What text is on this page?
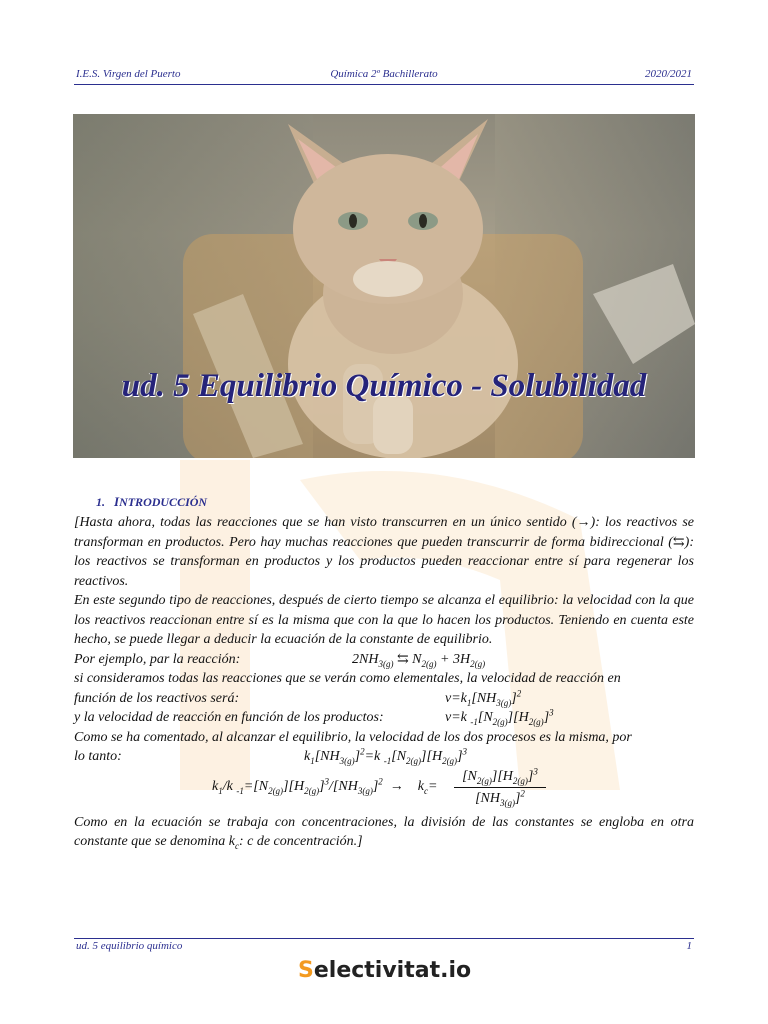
I.E.S. Virgen del Puerto	Química 2º Bachillerato	2020/2021
ud. 5 Equilibrio Químico - Solubilidad
1. INTRODUCCIÓN

[Hasta ahora, todas las reacciones que se han visto transcurren en un único sentido (→): los reactivos se transforman en productos. Pero hay muchas reacciones que pueden transcurrir de forma bidireccional (⇆): los reactivos se transforman en productos y los productos pueden reaccionar entre sí para regenerar los reactivos.

En este segundo tipo de reacciones, después de cierto tiempo se alcanza el equilibrio: la velocidad con la que los reactivos reaccionan entre sí es la misma que con la que lo hacen los productos. Teniendo en cuenta este hecho, se puede llegar a deducir la ecuación de la constante de equilibrio.

Por ejemplo, par la reacción:	$2NH_{3(g)}$ ⇆ $N_{2(g)} + 3H_{2(g)}$

si consideramos todas las reacciones que se verán como elementales, la velocidad de reacción en

función de los reactivos será:	$v=k_1[NH_{3(g)}]^2$
y la velocidad de reacción en función de los productos:	v=k $_{-1}[N_{2(g)}][H_{2(g)}]^3$

Como se ha comentado, al alcanzar el equilibrio, la velocidad de los dos procesos es la misma, por

lo tanto:	$k_1[NH_{3(g)}]^2=k$ $_{-1}[N_{2(g)}][H_{2(g)}]^3$
$k_1/k$ $_{-1}=[N_{2(g)}][H_{2(g)}]^3/[NH_{3(g)}]^2$  →    $k_c= \frac{[N_{2(g)}][H_{2(g)}]^3}{[NH_{3(g)}]^2}$

Como en la ecuación se trabaja con concentraciones, la división de las constantes se engloba en otra constante que se denomina $k_c$: c de concentración.]

ud. 5 equilibrio químico	1
Selectivitat.io
